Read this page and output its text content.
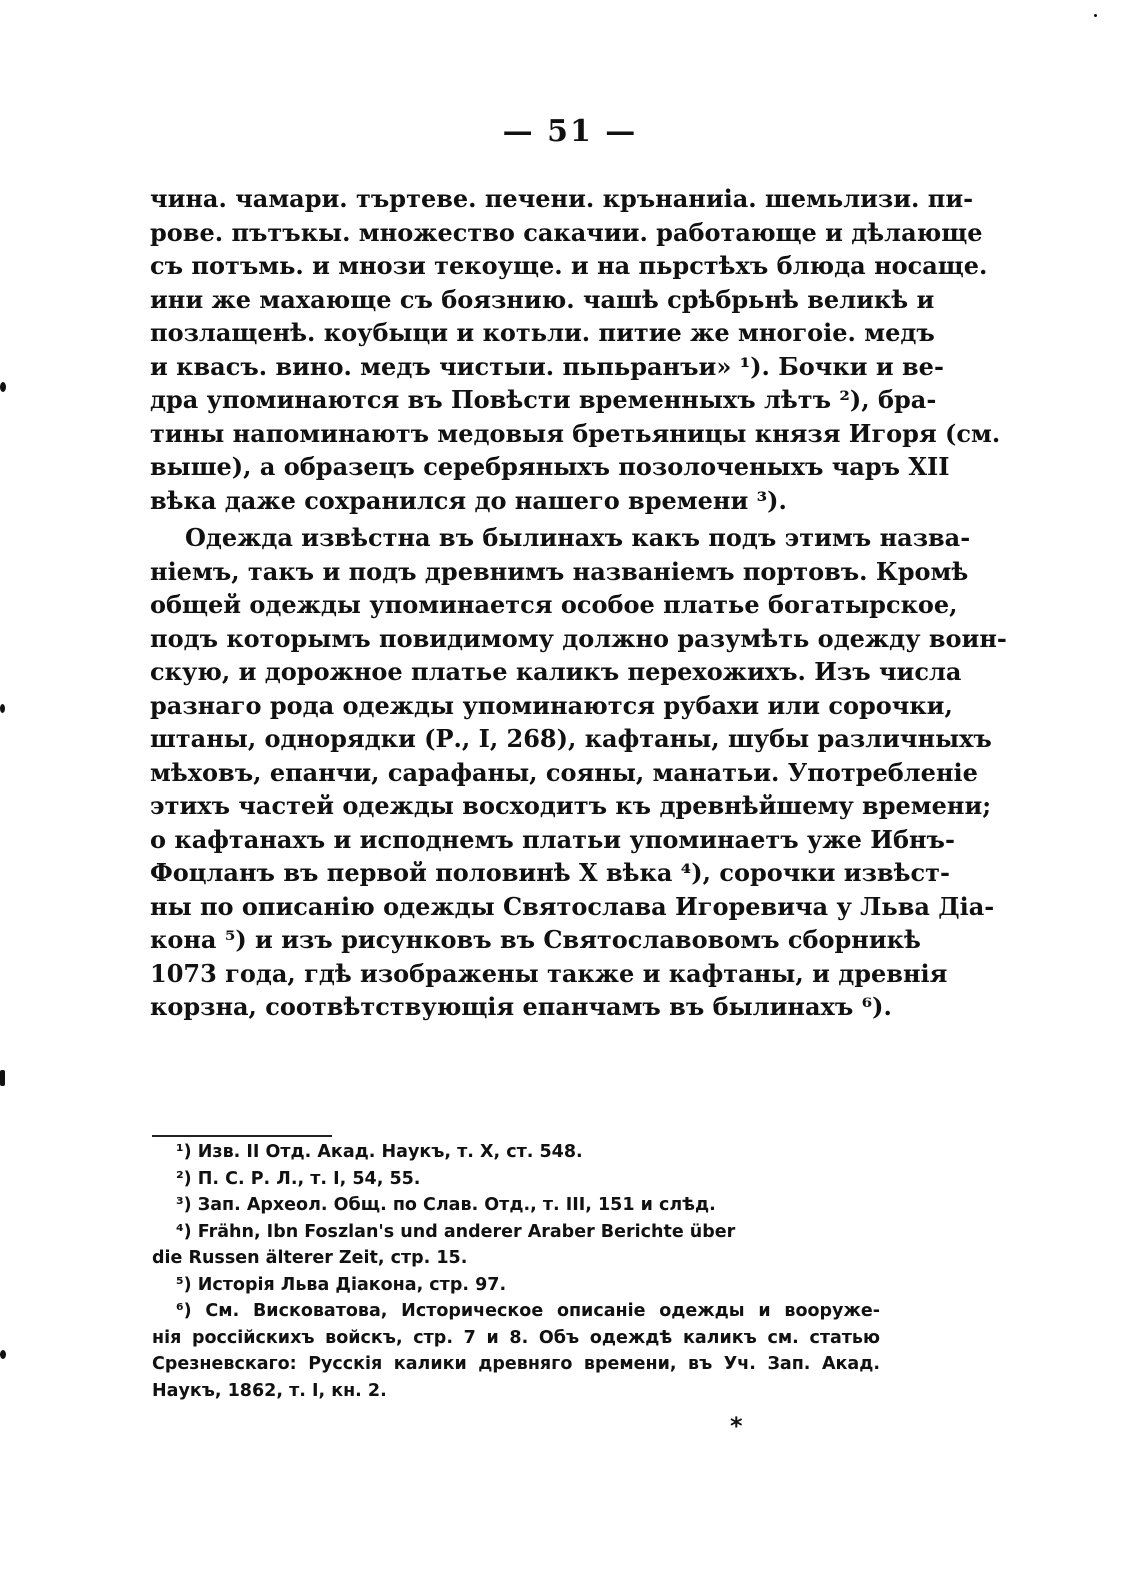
— 51 —
чина. чамари. търтеве. печени. крънаниiа. шемьлизи. пи-
рове. пътъкы. множество сакачии. работающе и дѣлающе
съ потъмь. и мнози текоуще. и на пьрстѣхъ блюда носаще.
ини же махающе съ боязнию. чашѣ срѣбрьнѣ великѣ и
позлащенѣ. коубыци и котьли. питие же многоiе. медъ
и квасъ. вино. медъ чистыи. пьпьранъи» ¹). Бочки и ве-
дра упоминаются въ Повѣсти временныхъ лѣтъ ²), бра-
тины напоминаютъ медовыя бретьяницы князя Игоря (см.
выше), а образецъ серебряныхъ позолоченыхъ чаръ XII
вѣка даже сохранился до нашего времени ³).
Одежда извѣстна въ былинахъ какъ подъ этимъ назва-
нiемъ, такъ и подъ древнимъ названiемъ портовъ. Кромѣ
общей одежды упоминается особое платье богатырское,
подъ которымъ повидимому должно разумѣть одежду воин-
скую, и дорожное платье каликъ перехожихъ. Изъ числа
разнаго рода одежды упоминаются рубахи или сорочки,
штаны, однорядки (Р., I, 268), кафтаны, шубы различныхъ
мѣховъ, епанчи, сарафаны, сояны, манатьи. Употребленiе
этихъ частей одежды восходитъ къ древнѣйшему времени;
о кафтанахъ и исподнемъ платьи упоминаетъ уже Ибнъ-
Фоцланъ въ первой половинѣ X вѣка ⁴), сорочки извѣст-
ны по описанiю одежды Святослава Игоревича у Льва Дiа-
кона ⁵) и изъ рисунковъ въ Святославовомъ сборникѣ
1073 года, гдѣ изображены также и кафтаны, и древнiя
корзна, соотвѣтствующiя епанчамъ въ былинахъ ⁶).
¹) Изв. II Отд. Акад. Наукъ, т. X, ст. 548.
²) П. С. Р. Л., т. I, 54, 55.
³) Зап. Археол. Общ. по Слав. Отд., т. III, 151 и слѣд.
⁴) Frähn, Ibn Foszlan's und anderer Araber Berichte über
die Russen älterer Zeit, стр. 15.
⁵) Исторiя Льва Дiакона, стр. 97.
⁶) См. Висковатова, Историческое описанiе одежды и вооруже-
нiя россiйскихъ войскъ, стр. 7 и 8. Объ одеждѣ каликъ см. статью
Срезневскаго: Русскiя калики древняго времени, въ Уч. Зап. Акад.
Наукъ, 1862, т. I, кн. 2.
*
